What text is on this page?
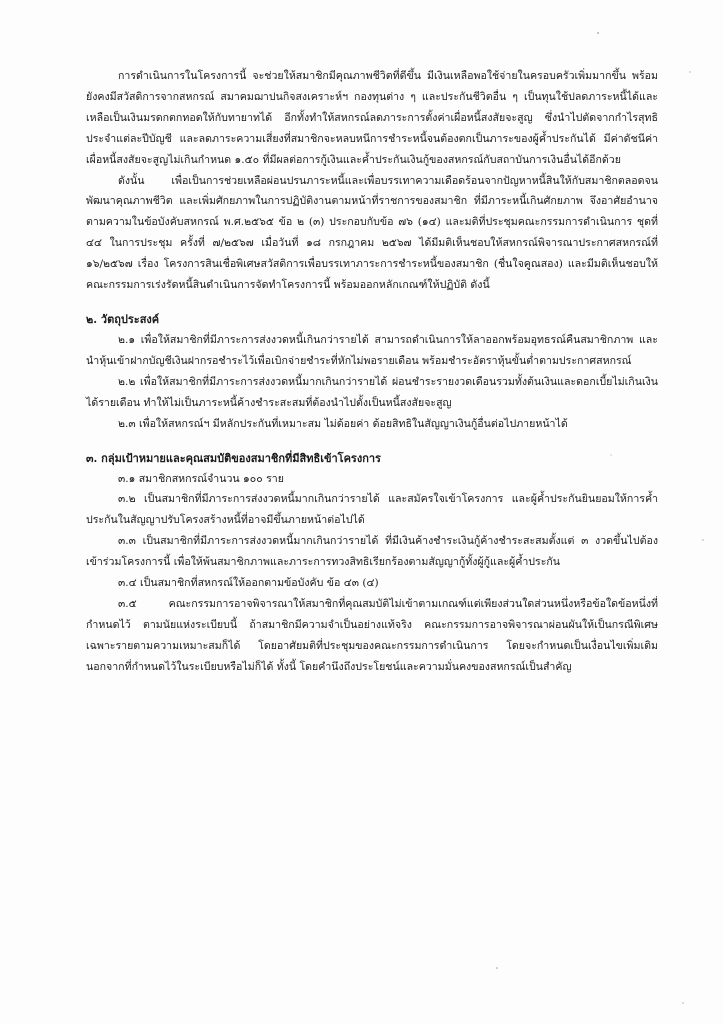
การดำเนินการในโครงการนี้ จะช่วยให้สมาชิกมีคุณภาพชีวิตที่ดีขึ้น มีเงินเหลือพอใช้จ่ายในครอบครัวเพิ่มมากขึ้น พร้อมยังคงมีสวัสดิการจากสหกรณ์ สมาคมฌาปนกิจสงเคราะห์ฯ กองทุนต่าง ๆ และประกันชีวิตอื่น ๆ เป็นทุนใช้ปลดภาระหนี้ได้และเหลือเป็นเงินมรดกตกทอดให้กับทายาทได้ อีกทั้งทำให้สหกรณ์ลดภาระการตั้งค่าเผื่อหนี้สงสัยจะสูญ ซึ่งนำไปตัดจากกำไรสุทธิประจำแต่ละปีบัญชี และลดภาระความเสี่ยงที่สมาชิกจะหลบหนีการชำระหนี้จนต้องตกเป็นภาระของผู้ค้ำประกันได้ มีค่าดัชนีค่าเผื่อหนี้สงสัยจะสูญไม่เกินกำหนด ๑.๕๐ ที่มีผลต่อการกู้เงินและค้ำประกันเงินกู้ของสหกรณ์กับสถาบันการเงินอื่นได้อีกด้วย

ดังนั้น เพื่อเป็นการช่วยเหลือผ่อนปรนภาระหนี้และเพื่อบรรเทาความเดือดร้อนจากปัญหาหนี้สินให้กับสมาชิกตลอดจนพัฒนาคุณภาพชีวิต และเพิ่มศักยภาพในการปฏิบัติงานตามหน้าที่ราชการของสมาชิก ที่มีภาระหนี้เกินศักยภาพ จึงอาศัยอำนาจตามความในข้อบังคับสหกรณ์ พ.ศ.๒๕๖๕ ข้อ ๒ (๓) ประกอบกับข้อ ๗๖ (๑๔) และมติที่ประชุมคณะกรรมการดำเนินการ ชุดที่ ๔๔ ในการประชุม ครั้งที่ ๗/๒๕๖๗ เมื่อวันที่ ๑๘ กรกฎาคม ๒๕๖๗ ได้มีมติเห็นชอบให้สหกรณ์พิจารณาประกาศสหกรณ์ที่ ๑๖/๒๕๖๗ เรื่อง โครงการสินเชื่อพิเศษสวัสดิการเพื่อบรรเทาภาระการชำระหนี้ของสมาชิก (ชื่นใจคูณสอง) และมีมติเห็นชอบให้คณะกรรมการเร่งรัดหนี้สินดำเนินการจัดทำโครงการนี้ พร้อมออกหลักเกณฑ์ให้ปฏิบัติ ดังนี้

๒. วัตถุประสงค์

๒.๑ เพื่อให้สมาชิกที่มีภาระการส่งงวดหนี้เกินกว่ารายได้ สามารถดำเนินการให้ลาออกพร้อมอุทธรณ์คืนสมาชิกภาพ และนำหุ้นเข้าฝากบัญชีเงินฝากรอชำระไว้เพื่อเบิกจ่ายชำระที่หักไม่พอรายเดือน พร้อมชำระอัตราหุ้นขั้นต่ำตามประกาศสหกรณ์

๒.๒ เพื่อให้สมาชิกที่มีภาระการส่งงวดหนี้มากเกินกว่ารายได้ ผ่อนชำระรายงวดเดือนรวมทั้งต้นเงินและดอกเบี้ยไม่เกินเงินได้รายเดือน ทำให้ไม่เป็นภาระหนี้ค้างชำระสะสมที่ต้องนำไปตั้งเป็นหนี้สงสัยจะสูญ

๒.๓ เพื่อให้สหกรณ์ฯ มีหลักประกันที่เหมาะสม ไม่ด้อยค่า ด้อยสิทธิในสัญญาเงินกู้อื่นต่อไปภายหน้าได้

๓. กลุ่มเป้าหมายและคุณสมบัติของสมาชิกที่มีสิทธิเข้าโครงการ

๓.๑ สมาชิกสหกรณ์จำนวน ๑๐๐ ราย

๓.๒ เป็นสมาชิกที่มีภาระการส่งงวดหนี้มากเกินกว่ารายได้ และสมัครใจเข้าโครงการ และผู้ค้ำประกันยินยอมให้การค้ำประกันในสัญญาปรับโครงสร้างหนี้ที่อาจมีขึ้นภายหน้าต่อไปได้

๓.๓ เป็นสมาชิกที่มีภาระการส่งงวดหนี้มากเกินกว่ารายได้ ที่มีเงินค้างชำระเงินกู้ค้างชำระสะสมตั้งแต่ ๓ งวดขึ้นไปต้องเข้าร่วมโครงการนี้ เพื่อให้พ้นสมาชิกภาพและภาระการทวงสิทธิเรียกร้องตามสัญญากู้ทั้งผู้กู้และผู้ค้ำประกัน

๓.๔ เป็นสมาชิกที่สหกรณ์ให้ออกตามข้อบังคับ ข้อ ๔๓ (๔)

๓.๕ คณะกรรมการอาจพิจารณาให้สมาชิกที่คุณสมบัติไม่เข้าตามเกณฑ์แต่เพียงส่วนใดส่วนหนึ่งหรือข้อใดข้อหนึ่งที่กำหนดไว้ ตามนัยแห่งระเบียบนี้ ถ้าสมาชิกมีความจำเป็นอย่างแท้จริง คณะกรรมการอาจพิจารณาผ่อนผันให้เป็นกรณีพิเศษเฉพาะรายตามความเหมาะสมก็ได้ โดยอาศัยมติที่ประชุมของคณะกรรมการดำเนินการ โดยจะกำหนดเป็นเงื่อนไขเพิ่มเติมนอกจากที่กำหนดไว้ในระเบียบหรือไม่ก็ได้ ทั้งนี้ โดยคำนึงถึงประโยชน์และความมั่นคงของสหกรณ์เป็นสำคัญ
